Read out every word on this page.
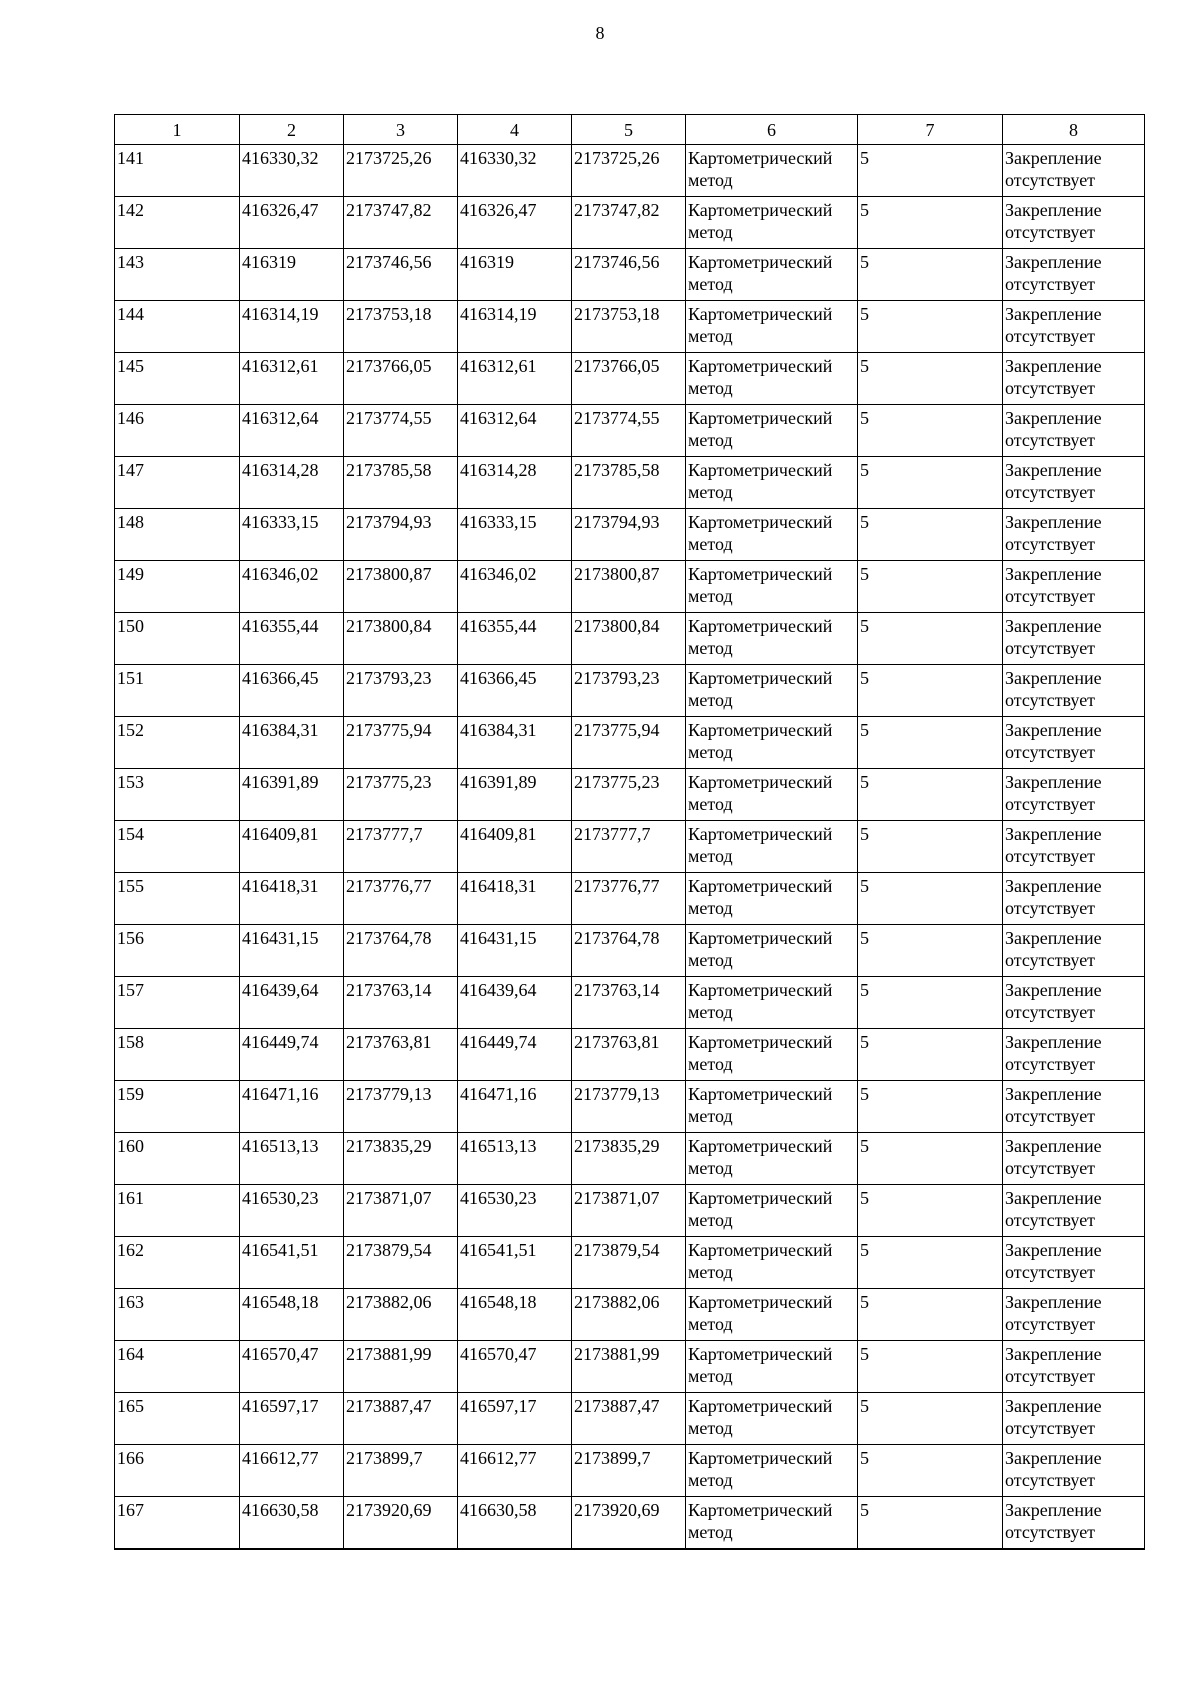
8
1	2	3	4	5	6	7	8
141	416330,32	2173725,26	416330,32	2173725,26	Картометрический метод	5	Закрепление отсутствует
142	416326,47	2173747,82	416326,47	2173747,82	Картометрический метод	5	Закрепление отсутствует
143	416319	2173746,56	416319	2173746,56	Картометрический метод	5	Закрепление отсутствует
144	416314,19	2173753,18	416314,19	2173753,18	Картометрический метод	5	Закрепление отсутствует
145	416312,61	2173766,05	416312,61	2173766,05	Картометрический метод	5	Закрепление отсутствует
146	416312,64	2173774,55	416312,64	2173774,55	Картометрический метод	5	Закрепление отсутствует
147	416314,28	2173785,58	416314,28	2173785,58	Картометрический метод	5	Закрепление отсутствует
148	416333,15	2173794,93	416333,15	2173794,93	Картометрический метод	5	Закрепление отсутствует
149	416346,02	2173800,87	416346,02	2173800,87	Картометрический метод	5	Закрепление отсутствует
150	416355,44	2173800,84	416355,44	2173800,84	Картометрический метод	5	Закрепление отсутствует
151	416366,45	2173793,23	416366,45	2173793,23	Картометрический метод	5	Закрепление отсутствует
152	416384,31	2173775,94	416384,31	2173775,94	Картометрический метод	5	Закрепление отсутствует
153	416391,89	2173775,23	416391,89	2173775,23	Картометрический метод	5	Закрепление отсутствует
154	416409,81	2173777,7	416409,81	2173777,7	Картометрический метод	5	Закрепление отсутствует
155	416418,31	2173776,77	416418,31	2173776,77	Картометрический метод	5	Закрепление отсутствует
156	416431,15	2173764,78	416431,15	2173764,78	Картометрический метод	5	Закрепление отсутствует
157	416439,64	2173763,14	416439,64	2173763,14	Картометрический метод	5	Закрепление отсутствует
158	416449,74	2173763,81	416449,74	2173763,81	Картометрический метод	5	Закрепление отсутствует
159	416471,16	2173779,13	416471,16	2173779,13	Картометрический метод	5	Закрепление отсутствует
160	416513,13	2173835,29	416513,13	2173835,29	Картометрический метод	5	Закрепление отсутствует
161	416530,23	2173871,07	416530,23	2173871,07	Картометрический метод	5	Закрепление отсутствует
162	416541,51	2173879,54	416541,51	2173879,54	Картометрический метод	5	Закрепление отсутствует
163	416548,18	2173882,06	416548,18	2173882,06	Картометрический метод	5	Закрепление отсутствует
164	416570,47	2173881,99	416570,47	2173881,99	Картометрический метод	5	Закрепление отсутствует
165	416597,17	2173887,47	416597,17	2173887,47	Картометрический метод	5	Закрепление отсутствует
166	416612,77	2173899,7	416612,77	2173899,7	Картометрический метод	5	Закрепление отсутствует
167	416630,58	2173920,69	416630,58	2173920,69	Картометрический метод	5	Закрепление отсутствует
